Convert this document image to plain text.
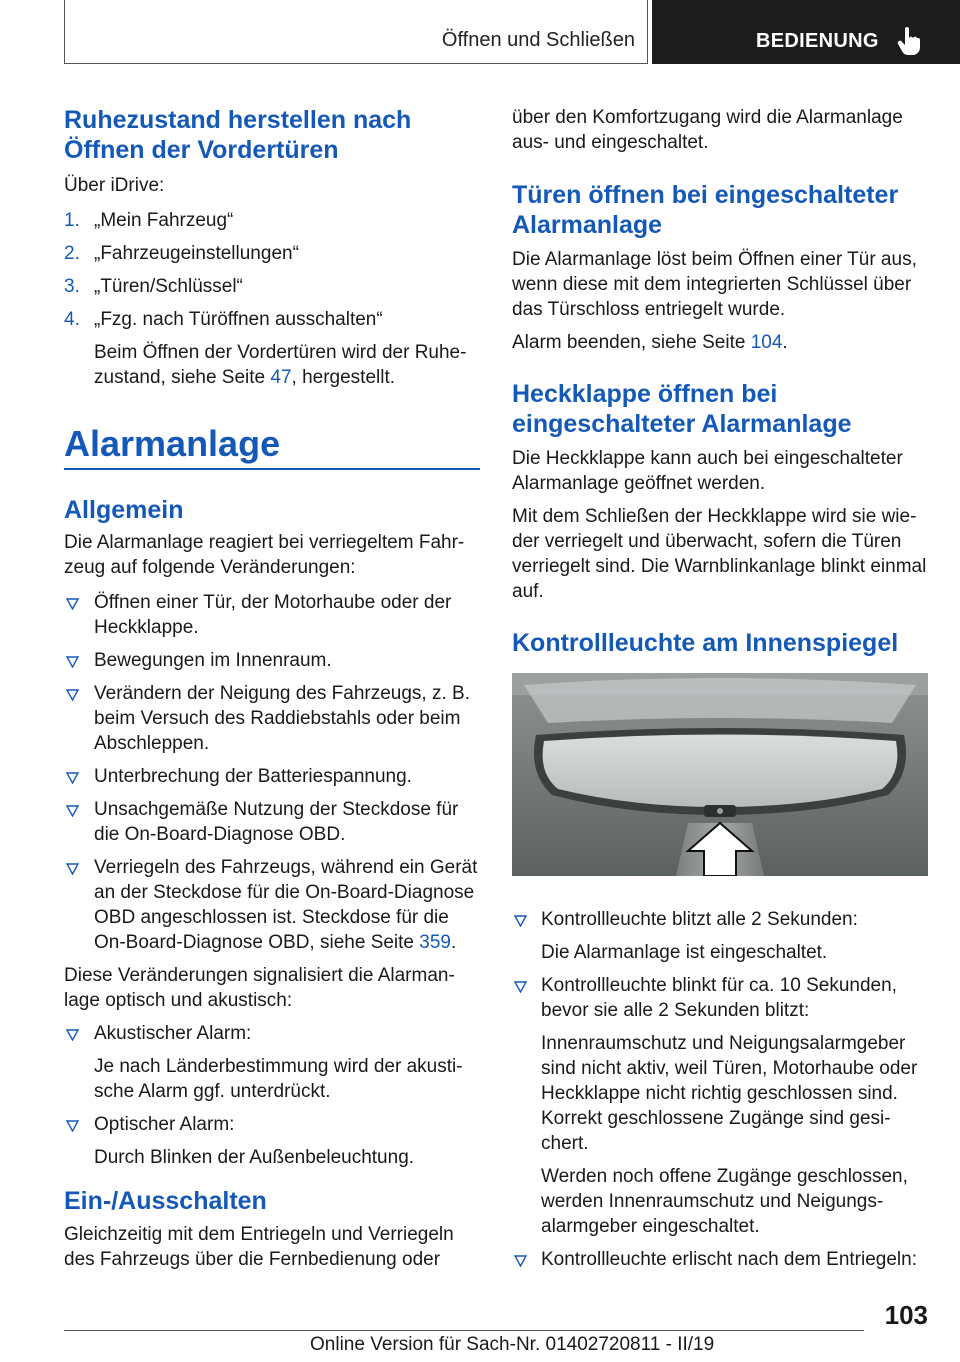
Öffnen und Schließen	BEDIENUNG
Ruhezustand herstellen nach
Öffnen der Vordertüren

Über iDrive:

1. „Mein Fahrzeug“

2. „Fahrzeugeinstellungen“

3. „Türen/Schlüssel“

4. „Fzg. nach Türöffnen ausschalten“

Beim Öffnen der Vordertüren wird der Ruhe-

zustand, siehe Seite 47, hergestellt.

Alarmanlage
Allgemein

Die Alarmanlage reagiert bei verriegeltem Fahr-

zeug auf folgende Veränderungen:

Öffnen einer Tür, der Motorhaube oder der

Heckklappe.

Bewegungen im Innenraum.

Verändern der Neigung des Fahrzeugs, z. B.

beim Versuch des Raddiebstahls oder beim

Abschleppen.

Unterbrechung der Batteriespannung.

Unsachgemäße Nutzung der Steckdose für

die On-Board-Diagnose OBD.

Verriegeln des Fahrzeugs, während ein Gerät

an der Steckdose für die On-Board-Diagnose

OBD angeschlossen ist. Steckdose für die

On-Board-Diagnose OBD, siehe Seite 359.

Diese Veränderungen signalisiert die Alarman-

lage optisch und akustisch:

Akustischer Alarm:

Je nach Länderbestimmung wird der akusti-

sche Alarm ggf. unterdrückt.

Optischer Alarm:

Durch Blinken der Außenbeleuchtung.

Ein-/Ausschalten

Gleichzeitig mit dem Entriegeln und Verriegeln

des Fahrzeugs über die Fernbedienung oder

über den Komfortzugang wird die Alarmanlage

aus- und eingeschaltet.

Türen öffnen bei eingeschalteter
Alarmanlage

Die Alarmanlage löst beim Öffnen einer Tür aus,

wenn diese mit dem integrierten Schlüssel über

das Türschloss entriegelt wurde.

Alarm beenden, siehe Seite 104.

Heckklappe öffnen bei
eingeschalteter Alarmanlage

Die Heckklappe kann auch bei eingeschalteter

Alarmanlage geöffnet werden.

Mit dem Schließen der Heckklappe wird sie wie-

der verriegelt und überwacht, sofern die Türen

verriegelt sind. Die Warnblinkanlage blinkt einmal

auf.

Kontrollleuchte am Innenspiegel

Kontrollleuchte blitzt alle 2 Sekunden:

Die Alarmanlage ist eingeschaltet.

Kontrollleuchte blinkt für ca. 10 Sekunden,

bevor sie alle 2 Sekunden blitzt:

Innenraumschutz und Neigungsalarmgeber

sind nicht aktiv, weil Türen, Motorhaube oder

Heckklappe nicht richtig geschlossen sind.

Korrekt geschlossene Zugänge sind gesi-

chert.

Werden noch offene Zugänge geschlossen,

werden Innenraumschutz und Neigungs-

alarmgeber eingeschaltet.

Kontrollleuchte erlischt nach dem Entriegeln:

103
Online Version für Sach-Nr. 01402720811 - II/19
